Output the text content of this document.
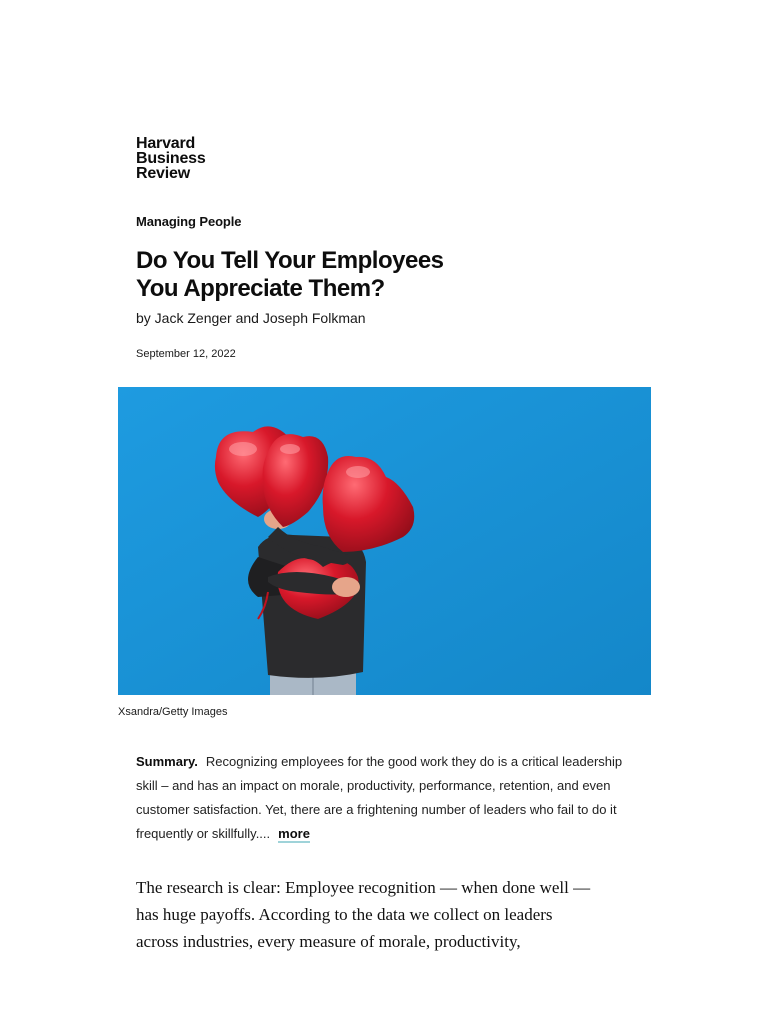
Harvard
Business
Review
Managing People
Do You Tell Your Employees
You Appreciate Them?
by Jack Zenger and Joseph Folkman
September 12, 2022
Xsandra/Getty Images
Summary. Recognizing employees for the good work they do is a critical leadership skill – and has an impact on morale, productivity, performance, retention, and even customer satisfaction. Yet, there are a frightening number of leaders who fail to do it frequently or skillfully.... more

The research is clear: Employee recognition — when done well —
has huge payoffs. According to the data we collect on leaders
across industries, every measure of morale, productivity,
